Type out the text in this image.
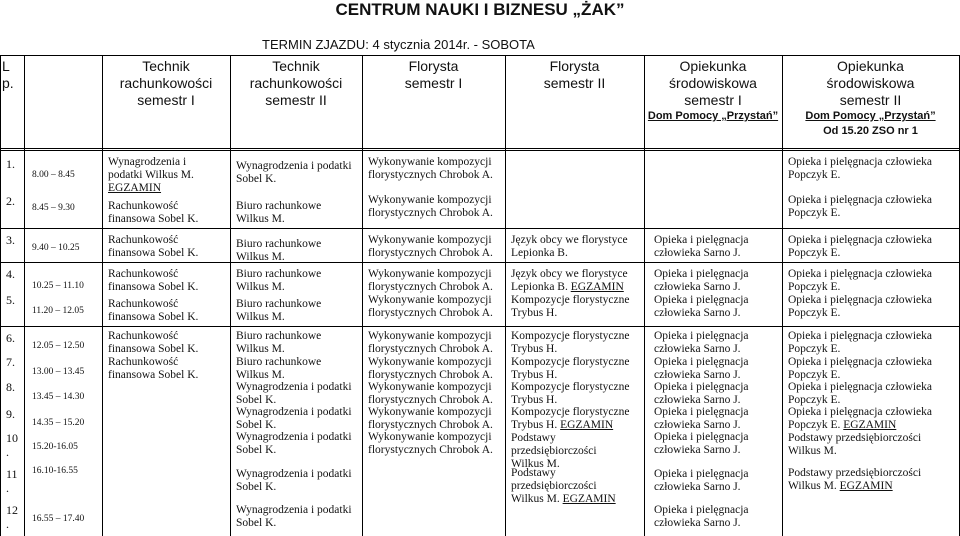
CENTRUM NAUKI I BIZNESU „ŻAK”
TERMIN ZJAZDU: 4 stycznia 2014r. - SOBOTA
L
p.
Technik
rachunkowości
semestr I
Technik
rachunkowości
semestr II
Florysta
semestr I
Florysta
semestr II
Opiekunka
środowiskowa
semestr I
Dom Pomocy „Przystań”
Opiekunka
środowiskowa
semestr II
Dom Pomocy „Przystań”
Od 15.20 ZSO nr 1
1.
2.
3.
4.
5.
6.
7.
8.
9.
10
.
11
.
12
.
8.00 – 8.45
8.45 – 9.30
9.40 – 10.25
10.25 – 11.10
11.20 – 12.05
12.05 – 12.50
13.00 – 13.45
13.45 – 14.30
14.35 – 15.20
15.20-16.05
16.10-16.55
16.55 – 17.40
Wynagrodzenia i
podatki Wilkus M.
EGZAMIN
Rachunkowość
finansowa Sobel K.
Rachunkowość
finansowa Sobel K.
Rachunkowość
finansowa Sobel K.
Rachunkowość
finansowa Sobel K.
Rachunkowość
finansowa Sobel K.
Rachunkowość
finansowa Sobel K.
Wynagrodzenia i podatki
Sobel K.
Biuro rachunkowe
Wilkus M.
Biuro rachunkowe
Wilkus M.
Biuro rachunkowe
Wilkus M.
Biuro rachunkowe
Wilkus M.
Biuro rachunkowe
Wilkus M.
Biuro rachunkowe
Wilkus M.
Wynagrodzenia i podatki
Sobel K.
Wynagrodzenia i podatki
Sobel K.
Wynagrodzenia i podatki
Sobel K.
Wynagrodzenia i podatki
Sobel K.
Wynagrodzenia i podatki
Sobel K.
Wykonywanie kompozycji
florystycznych Chrobok A.
Wykonywanie kompozycji
florystycznych Chrobok A.
Wykonywanie kompozycji
florystycznych Chrobok A.
Wykonywanie kompozycji
florystycznych Chrobok A.
Wykonywanie kompozycji
florystycznych Chrobok A.
Wykonywanie kompozycji
florystycznych Chrobok A.
Wykonywanie kompozycji
florystycznych Chrobok A.
Wykonywanie kompozycji
florystycznych Chrobok A.
Wykonywanie kompozycji
florystycznych Chrobok A.
Wykonywanie kompozycji
florystycznych Chrobok A.
Język obcy we florystyce
Lepionka B.
Język obcy we florystyce
Lepionka B. EGZAMIN
Kompozycje florystyczne
Trybus H.
Kompozycje florystyczne
Trybus H.
Kompozycje florystyczne
Trybus H.
Kompozycje florystyczne
Trybus H.
Kompozycje florystyczne
Trybus H. EGZAMIN
Podstawy
przedsiębiorczości
Wilkus M.
Podstawy
przedsiębiorczości
Wilkus M. EGZAMIN
Opieka i pielęgnacja
człowieka Sarno J.
Opieka i pielęgnacja
człowieka Sarno J.
Opieka i pielęgnacja
człowieka Sarno J.
Opieka i pielęgnacja
człowieka Sarno J.
Opieka i pielęgnacja
człowieka Sarno J.
Opieka i pielęgnacja
człowieka Sarno J.
Opieka i pielęgnacja
człowieka Sarno J.
Opieka i pielęgnacja
człowieka Sarno J.
Opieka i pielęgnacja
człowieka Sarno J.
Opieka i pielęgnacja
człowieka Sarno J.
Opieka i pielęgnacja człowieka
Popczyk E.
Opieka i pielęgnacja człowieka
Popczyk E.
Opieka i pielęgnacja człowieka
Popczyk E.
Opieka i pielęgnacja człowieka
Popczyk E.
Opieka i pielęgnacja człowieka
Popczyk E.
Opieka i pielęgnacja człowieka
Popczyk E.
Opieka i pielęgnacja człowieka
Popczyk E.
Opieka i pielęgnacja człowieka
Popczyk E.
Opieka i pielęgnacja człowieka
Popczyk E. EGZAMIN
Podstawy przedsiębiorczości
Wilkus M.
Podstawy przedsiębiorczości
Wilkus M. EGZAMIN
